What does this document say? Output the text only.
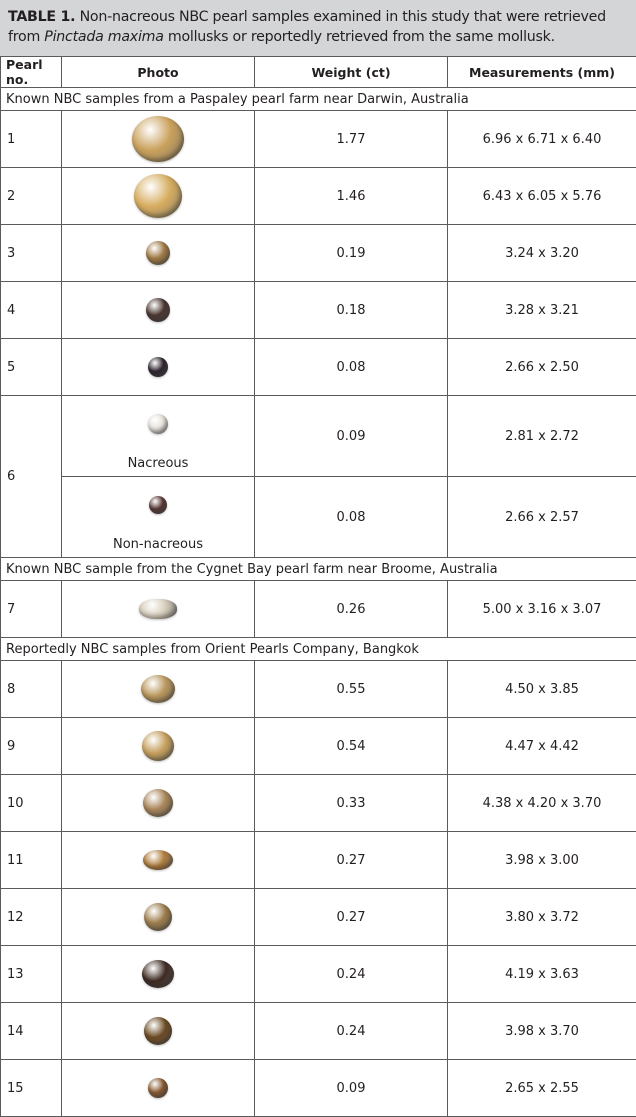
TABLE 1. Non-nacreous NBC pearl samples examined in this study that were retrieved from Pinctada maxima mollusks or reportedly retrieved from the same mollusk.
Pearl no.	Photo	Weight (ct)	Measurements (mm)
Known NBC samples from a Paspaley pearl farm near Darwin, Australia			
1		1.77	6.96 x 6.71 x 6.40
2		1.46	6.43 x 6.05 x 5.76
3		0.19	3.24 x 3.20
4		0.18	3.28 x 3.21
5		0.08	2.66 x 2.50
6	Nacreous	0.09	2.81 x 2.72

	Non-nacreous	0.08	2.66 x 2.57
Known NBC sample from the Cygnet Bay pearl farm near Broome, Australia			
7		0.26	5.00 x 3.16 x 3.07
Reportedly NBC samples from Orient Pearls Company, Bangkok			
8		0.55	4.50 x 3.85
9		0.54	4.47 x 4.42
10		0.33	4.38 x 4.20 x 3.70
11		0.27	3.98 x 3.00
12		0.27	3.80 x 3.72
13		0.24	4.19 x 3.63
14		0.24	3.98 x 3.70
15		0.09	2.65 x 2.55
